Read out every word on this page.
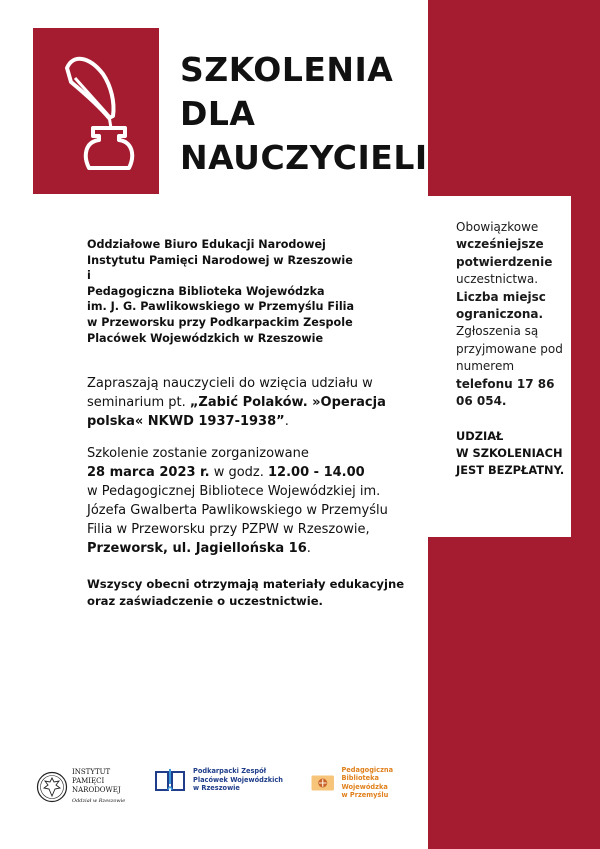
SZKOLENIA
DLA
NAUCZYCIELI
Oddziałowe Biuro Edukacji Narodowej
Instytutu Pamięci Narodowej w Rzeszowie
i
Pedagogiczna Biblioteka Wojewódzka
im. J. G. Pawlikowskiego w Przemyślu Filia
w Przeworsku przy Podkarpackim Zespole
Placówek Wojewódzkich w Rzeszowie
Zapraszają nauczycieli do wzięcia udziału w seminarium pt. „Zabić Polaków. »Operacja polska« NKWD 1937-1938”.
Szkolenie zostanie zorganizowane
28 marca 2023 r. w godz. 12.00 - 14.00
w Pedagogicznej Bibliotece Wojewódzkiej im. Józefa Gwalberta Pawlikowskiego w Przemyślu Filia w Przeworsku przy PZPW w Rzeszowie,
Przeworsk, ul. Jagiellońska 16.
Wszyscy obecni otrzymają materiały edukacyjne oraz zaświadczenie o uczestnictwie.
Obowiązkowe wcześniejsze potwierdzenie uczestnictwa. Liczba miejsc ograniczona. Zgłoszenia są przyjmowane pod numerem telefonu 17 86 06 054.
UDZIAŁ
W SZKOLENIACH
JEST BEZPŁATNY.
INSTYTUT
PAMIĘCI
NARODOWEJ
Oddział w Rzeszowie
Podkarpacki Zespół
Placówek Wojewódzkich
w Rzeszowie
Pedagogiczna
Biblioteka Wojewódzka
w Przemyślu
